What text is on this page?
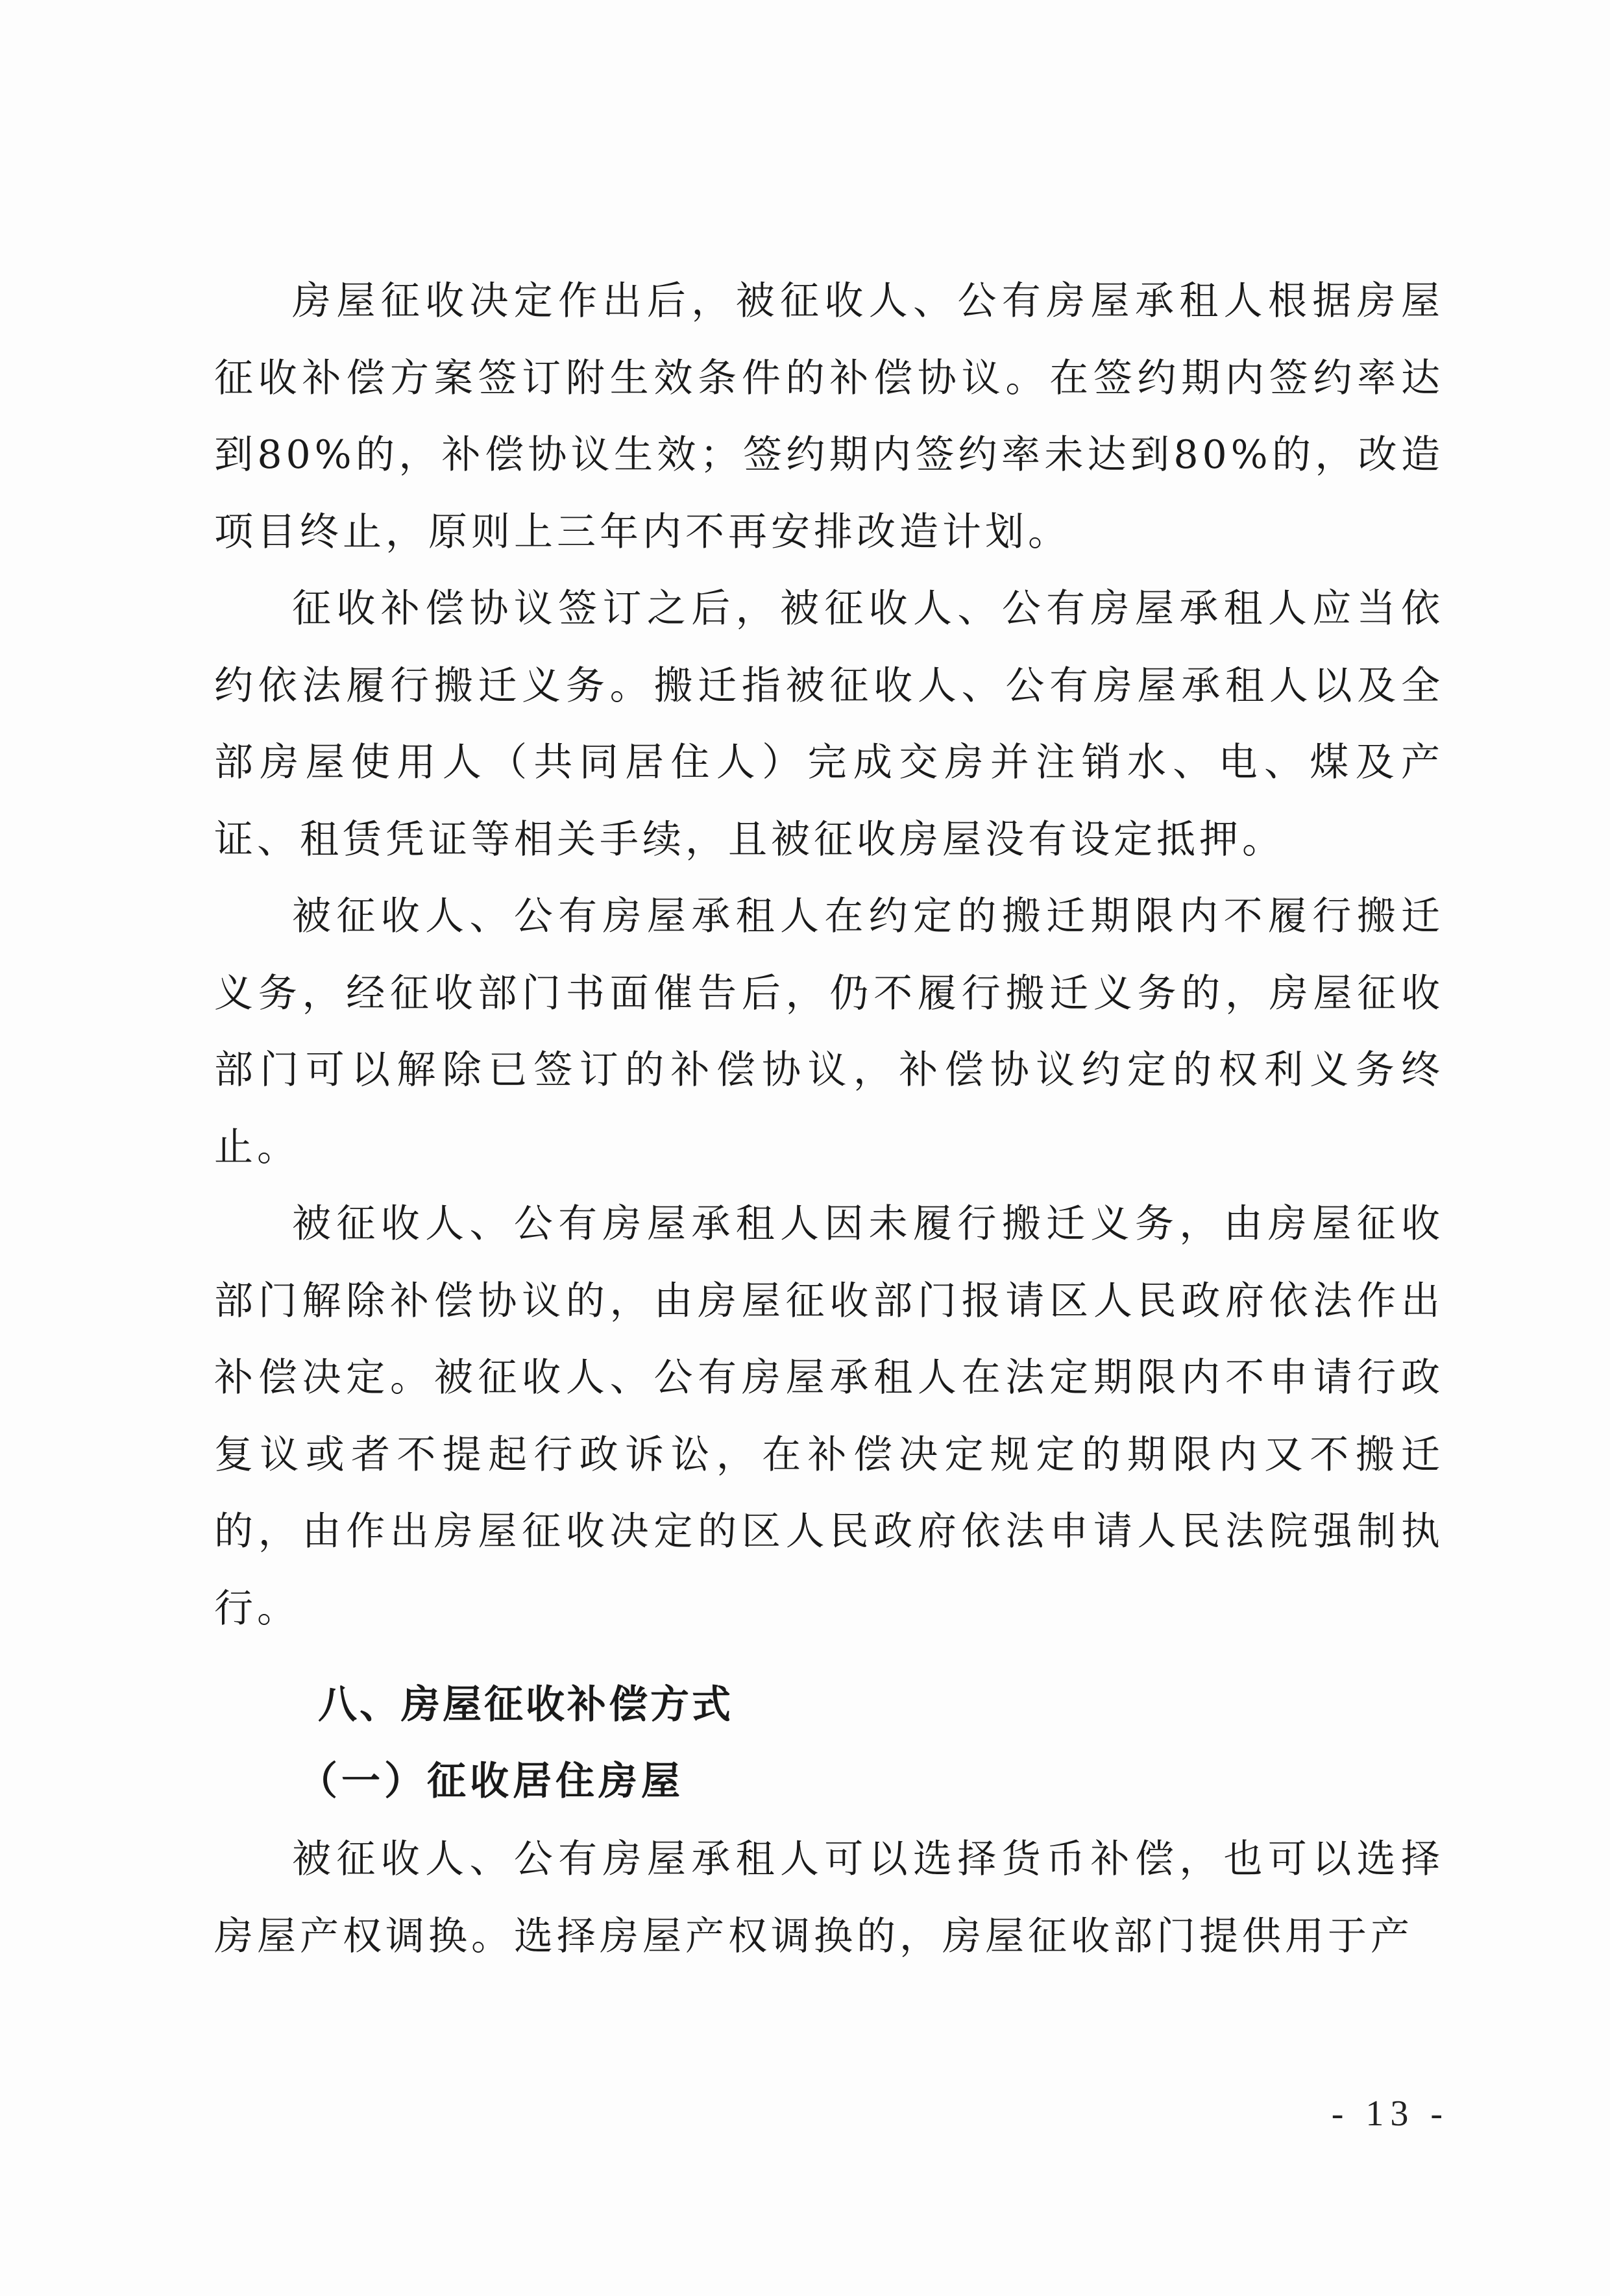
房屋征收决定作出后，被征收人、公有房屋承租人根据房屋征收补偿方案签订附生效条件的补偿协议。在签约期内签约率达到80%的，补偿协议生效；签约期内签约率未达到80%的，改造项目终止，原则上三年内不再安排改造计划。

征收补偿协议签订之后，被征收人、公有房屋承租人应当依约依法履行搬迁义务。搬迁指被征收人、公有房屋承租人以及全部房屋使用人（共同居住人）完成交房并注销水、电、煤及产证、租赁凭证等相关手续，且被征收房屋没有设定抵押。

被征收人、公有房屋承租人在约定的搬迁期限内不履行搬迁义务，经征收部门书面催告后，仍不履行搬迁义务的，房屋征收部门可以解除已签订的补偿协议，补偿协议约定的权利义务终止。

被征收人、公有房屋承租人因未履行搬迁义务，由房屋征收部门解除补偿协议的，由房屋征收部门报请区人民政府依法作出补偿决定。被征收人、公有房屋承租人在法定期限内不申请行政复议或者不提起行政诉讼，在补偿决定规定的期限内又不搬迁的，由作出房屋征收决定的区人民政府依法申请人民法院强制执行。

八、房屋征收补偿方式
（一）征收居住房屋

被征收人、公有房屋承租人可以选择货币补偿，也可以选择房屋产权调换。选择房屋产权调换的，房屋征收部门提供用于产

- 13 -
